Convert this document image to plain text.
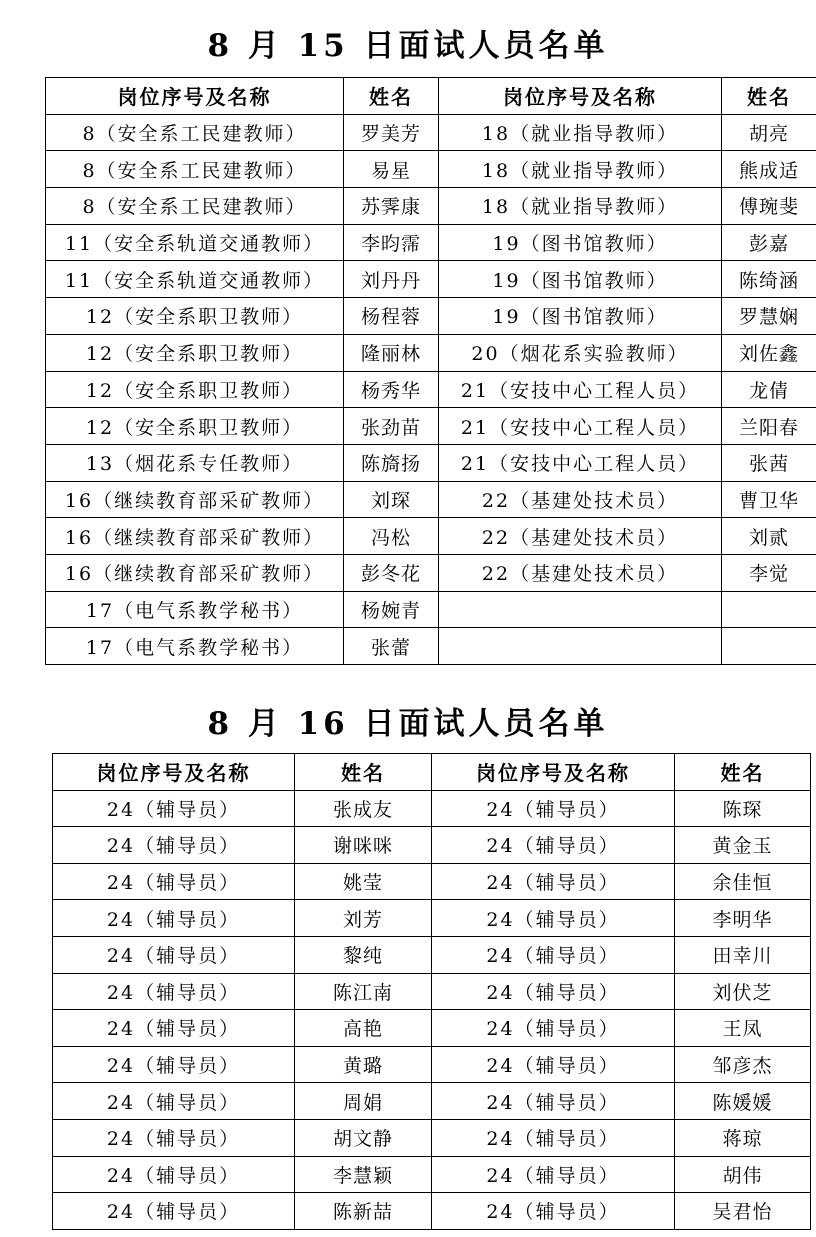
8 月 15 日面试人员名单
岗位序号及名称	姓名	岗位序号及名称	姓名
8（安全系工民建教师）	罗美芳	18（就业指导教师）	胡亮
8（安全系工民建教师）	易星	18（就业指导教师）	熊成适
8（安全系工民建教师）	苏霁康	18（就业指导教师）	傅琬斐
11（安全系轨道交通教师）	李昀霈	19（图书馆教师）	彭嘉
11（安全系轨道交通教师）	刘丹丹	19（图书馆教师）	陈绮涵
12（安全系职卫教师）	杨程蓉	19（图书馆教师）	罗慧娴
12（安全系职卫教师）	隆丽林	20（烟花系实验教师）	刘佐鑫
12（安全系职卫教师）	杨秀华	21（安技中心工程人员）	龙倩
12（安全系职卫教师）	张劲苗	21（安技中心工程人员）	兰阳春
13（烟花系专任教师）	陈旖扬	21（安技中心工程人员）	张茜
16（继续教育部采矿教师）	刘琛	22（基建处技术员）	曹卫华
16（继续教育部采矿教师）	冯松	22（基建处技术员）	刘贰
16（继续教育部采矿教师）	彭冬花	22（基建处技术员）	李觉
17（电气系教学秘书）	杨婉青		
17（电气系教学秘书）	张蕾		
8 月 16 日面试人员名单
岗位序号及名称	姓名	岗位序号及名称	姓名
24（辅导员）	张成友	24（辅导员）	陈琛
24（辅导员）	谢咪咪	24（辅导员）	黄金玉
24（辅导员）	姚莹	24（辅导员）	余佳恒
24（辅导员）	刘芳	24（辅导员）	李明华
24（辅导员）	黎纯	24（辅导员）	田幸川
24（辅导员）	陈江南	24（辅导员）	刘伏芝
24（辅导员）	高艳	24（辅导员）	王凤
24（辅导员）	黄璐	24（辅导员）	邹彦杰
24（辅导员）	周娟	24（辅导员）	陈媛媛
24（辅导员）	胡文静	24（辅导员）	蒋琼
24（辅导员）	李慧颖	24（辅导员）	胡伟
24（辅导员）	陈新喆	24（辅导员）	吴君怡
